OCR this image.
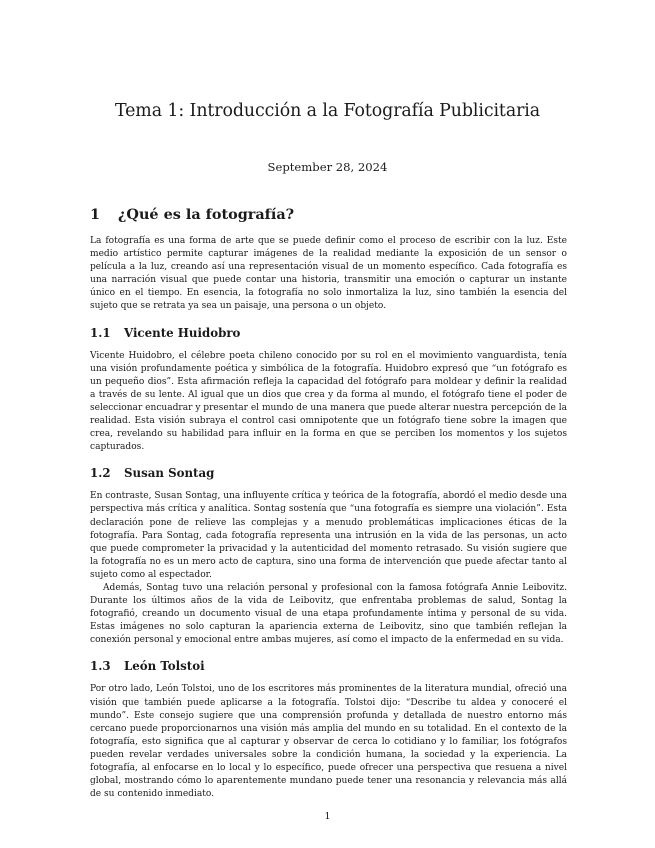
Tema 1: Introducción a la Fotografía Publicitaria
September 28, 2024
1 ¿Qué es la fotografía?

La fotografía es una forma de arte que se puede definir como el proceso de escribir con la luz. Este medio artístico permite capturar imágenes de la realidad mediante la exposición de un sensor o película a la luz, creando así una representación visual de un momento específico. Cada fotografía es una narración visual que puede contar una historia, transmitir una emoción o capturar un instante único en el tiempo. En esencia, la fotografía no solo inmortaliza la luz, sino también la esencia del sujeto que se retrata ya sea un paisaje, una persona o un objeto.

1.1 Vicente Huidobro

Vicente Huidobro, el célebre poeta chileno conocido por su rol en el movimiento vanguardista, tenía una visión profundamente poética y simbólica de la fotografía. Huidobro expresó que “un fotógrafo es un pequeño dios”. Esta afirmación refleja la capacidad del fotógrafo para moldear y definir la realidad a través de su lente. Al igual que un dios que crea y da forma al mundo, el fotógrafo tiene el poder de seleccionar encuadrar y presentar el mundo de una manera que puede alterar nuestra percepción de la realidad. Esta visión subraya el control casi omnipotente que un fotógrafo tiene sobre la imagen que crea, revelando su habilidad para influir en la forma en que se perciben los momentos y los sujetos capturados.

1.2 Susan Sontag

En contraste, Susan Sontag, una influyente crítica y teórica de la fotografía, abordó el medio desde una perspectiva más crítica y analítica. Sontag sostenía que “una fotografía es siempre una violación”. Esta declaración pone de relieve las complejas y a menudo problemáticas implicaciones éticas de la fotografía. Para Sontag, cada fotografía representa una intrusión en la vida de las personas, un acto que puede comprometer la privacidad y la autenticidad del momento retrasado. Su visión sugiere que la fotografía no es un mero acto de captura, sino una forma de intervención que puede afectar tanto al sujeto como al espectador.

Además, Sontag tuvo una relación personal y profesional con la famosa fotógrafa Annie Leibovitz. Durante los últimos años de la vida de Leibovitz, que enfrentaba problemas de salud, Sontag la fotografió, creando un documento visual de una etapa profundamente íntima y personal de su vida. Estas imágenes no solo capturan la apariencia externa de Leibovitz, sino que también reflejan la conexión personal y emocional entre ambas mujeres, así como el impacto de la enfermedad en su vida.

1.3 León Tolstoi

Por otro lado, León Tolstoi, uno de los escritores más prominentes de la literatura mundial, ofreció una visión que también puede aplicarse a la fotografía. Tolstoi dijo: “Describe tu aldea y conoceré el mundo”. Este consejo sugiere que una comprensión profunda y detallada de nuestro entorno más cercano puede proporcionarnos una visión más amplia del mundo en su totalidad. En el contexto de la fotografía, esto significa que al capturar y observar de cerca lo cotidiano y lo familiar, los fotógrafos pueden revelar verdades universales sobre la condición humana, la sociedad y la experiencia. La fotografía, al enfocarse en lo local y lo específico, puede ofrecer una perspectiva que resuena a nivel global, mostrando cómo lo aparentemente mundano puede tener una resonancia y relevancia más allá de su contenido inmediato.

1
